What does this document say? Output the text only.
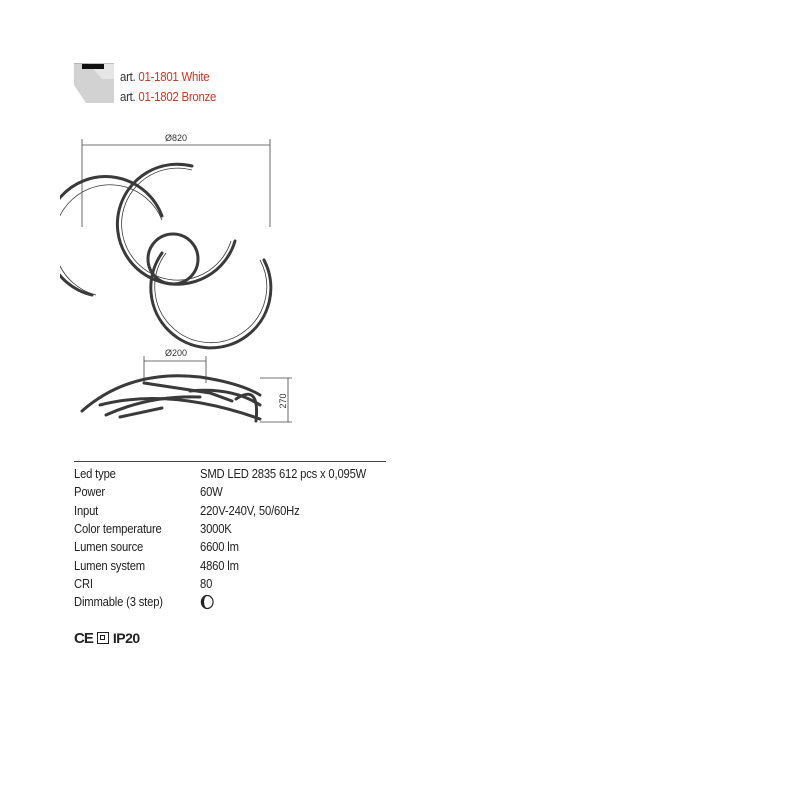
art. 01-1801 White
art. 01-1802 Bronze
Ø820
Ø200
270
Led type	SMD LED 2835 612 pcs x 0,095W
Power	60W
Input	220V-240V, 50/60Hz
Color temperature	3000K
Lumen source	6600 lm
Lumen system	4860 lm
CRI	80
Dimmable (3 step)
CE IP20
